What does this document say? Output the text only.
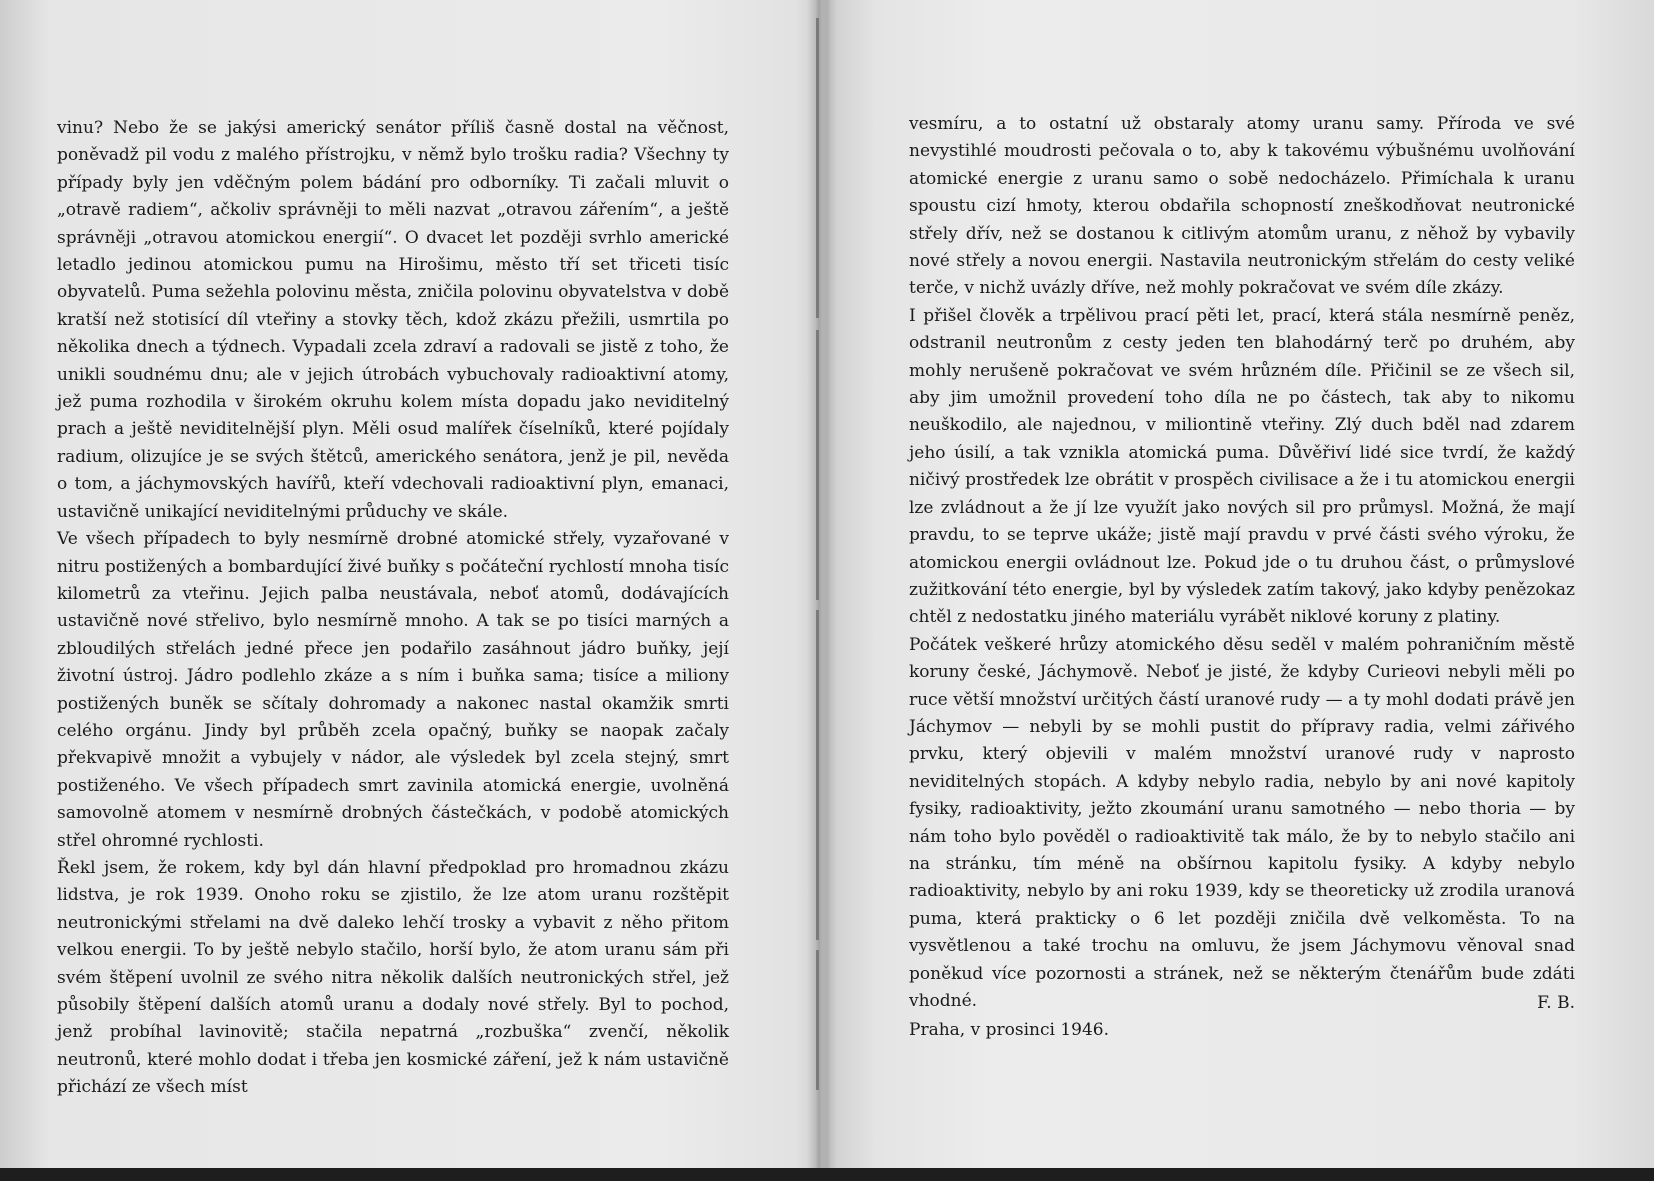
vinu? Nebo že se jakýsi americký senátor příliš časně dostal na věčnost, poněvadž pil vodu z malého přístrojku, v němž bylo trošku radia? Všechny ty případy byly jen vděčným polem bádání pro odborníky. Ti začali mluvit o „otravě radiem“, ačkoliv správněji to měli nazvat „otravou zářením“, a ještě správněji „otravou atomickou energií“. O dvacet let později svrhlo americké letadlo jedinou atomickou pumu na Hirošimu, město tří set třiceti tisíc obyvatelů. Puma sežehla polovinu města, zničila polovinu obyvatelstva v době kratší než stotisící díl vteřiny a stovky těch, kdož zkázu přežili, usmrtila po několika dnech a týdnech. Vypadali zcela zdraví a radovali se jistě z toho, že unikli soudnému dnu; ale v jejich útrobách vybuchovaly radioaktivní atomy, jež puma rozhodila v širokém okruhu kolem místa dopadu jako neviditelný prach a ještě neviditelnější plyn. Měli osud malířek číselníků, které pojídaly radium, olizujíce je se svých štětců, amerického senátora, jenž je pil, nevěda o tom, a jáchymovských havířů, kteří vdechovali radioaktivní plyn, emanaci, ustavičně unikající neviditelnými průduchy ve skále.

Ve všech případech to byly nesmírně drobné atomické střely, vyzařované v nitru postižených a bombardující živé buňky s počáteční rychlostí mnoha tisíc kilometrů za vteřinu. Jejich palba neustávala, neboť atomů, dodávajících ustavičně nové střelivo, bylo nesmírně mnoho. A tak se po tisíci marných a zbloudilých střelách jedné přece jen podařilo zasáhnout jádro buňky, její životní ústroj. Jádro podlehlo zkáze a s ním i buňka sama; tisíce a miliony postižených buněk se sčítaly dohromady a nakonec nastal okamžik smrti celého orgánu. Jindy byl průběh zcela opačný, buňky se naopak začaly překvapivě množit a vybujely v nádor, ale výsledek byl zcela stejný, smrt postiženého. Ve všech případech smrt zavinila atomická energie, uvolněná samovolně atomem v nesmírně drobných částečkách, v podobě atomických střel ohromné rychlosti.

Řekl jsem, že rokem, kdy byl dán hlavní předpoklad pro hromadnou zkázu lidstva, je rok 1939. Onoho roku se zjistilo, že lze atom uranu rozštěpit neutronickými střelami na dvě daleko lehčí trosky a vybavit z něho přitom velkou energii. To by ještě nebylo stačilo, horší bylo, že atom uranu sám při svém štěpení uvolnil ze svého nitra několik dalších neutronických střel, jež působily štěpení dalších atomů uranu a dodaly nové střely. Byl to pochod, jenž probíhal lavinovitě; stačila nepatrná „rozbuška“ zvenčí, několik neutronů, které mohlo dodat i třeba jen kosmické záření, jež k nám ustavičně přichází ze všech míst

vesmíru, a to ostatní už obstaraly atomy uranu samy. Příroda ve své nevystihlé moudrosti pečovala o to, aby k takovému výbušnému uvolňování atomické energie z uranu samo o sobě nedocházelo. Přimíchala k uranu spoustu cizí hmoty, kterou obdařila schopností zneškodňovat neutronické střely dřív, než se dostanou k citlivým atomům uranu, z něhož by vybavily nové střely a novou energii. Nastavila neutronickým střelám do cesty veliké terče, v nichž uvázly dříve, než mohly pokračovat ve svém díle zkázy.

I přišel člověk a trpělivou prací pěti let, prací, která stála nesmírně peněz, odstranil neutronům z cesty jeden ten blahodárný terč po druhém, aby mohly nerušeně pokračovat ve svém hrůzném díle. Přičinil se ze všech sil, aby jim umožnil provedení toho díla ne po částech, tak aby to nikomu neuškodilo, ale najednou, v miliontině vteřiny. Zlý duch bděl nad zdarem jeho úsilí, a tak vznikla atomická puma. Důvěřiví lidé sice tvrdí, že každý ničivý prostředek lze obrátit v prospěch civilisace a že i tu atomickou energii lze zvládnout a že jí lze využít jako nových sil pro průmysl. Možná, že mají pravdu, to se teprve ukáže; jistě mají pravdu v prvé části svého výroku, že atomickou energii ovládnout lze. Pokud jde o tu druhou část, o průmyslové zužitkování této energie, byl by výsledek zatím takový, jako kdyby penězokaz chtěl z nedostatku jiného materiálu vyrábět niklové koruny z platiny.

Počátek veškeré hrůzy atomického děsu seděl v malém pohraničním městě koruny české, Jáchymově. Neboť je jisté, že kdyby Curieovi nebyli měli po ruce větší množství určitých částí uranové rudy — a ty mohl dodati právě jen Jáchymov — nebyli by se mohli pustit do přípravy radia, velmi zářivého prvku, který objevili v malém množství uranové rudy v naprosto neviditelných stopách. A kdyby nebylo radia, nebylo by ani nové kapitoly fysiky, radioaktivity, ježto zkoumání uranu samotného — nebo thoria — by nám toho bylo pověděl o radioaktivitě tak málo, že by to nebylo stačilo ani na stránku, tím méně na obšírnou kapitolu fysiky. A kdyby nebylo radioaktivity, nebylo by ani roku 1939, kdy se theoreticky už zrodila uranová puma, která prakticky o 6 let později zničila dvě velkoměsta. To na vysvětlenou a také trochu na omluvu, že jsem Jáchymovu věnoval snad poněkud více pozornosti a stránek, než se některým čtenářům bude zdáti vhodné.	F. B.
Praha, v prosinci 1946.
